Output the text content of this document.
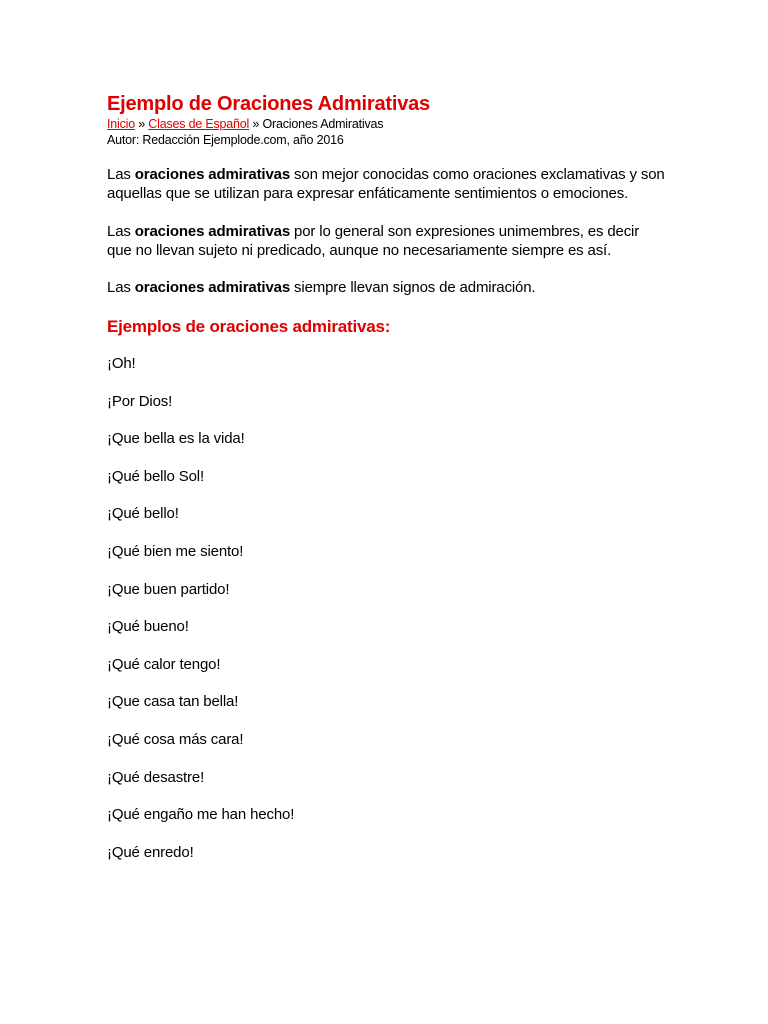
Ejemplo de Oraciones Admirativas
Inicio » Clases de Español » Oraciones Admirativas
Autor: Redacción Ejemplode.com, año 2016

Las oraciones admirativas son mejor conocidas como oraciones exclamativas y son aquellas que se utilizan para expresar enfáticamente sentimientos o emociones.

Las oraciones admirativas por lo general son expresiones unimembres, es decir que no llevan sujeto ni predicado, aunque no necesariamente siempre es así.

Las oraciones admirativas siempre llevan signos de admiración.

Ejemplos de oraciones admirativas:
¡Oh!
¡Por Dios!
¡Que bella es la vida!
¡Qué bello Sol!
¡Qué bello!
¡Qué bien me siento!
¡Que buen partido!
¡Qué bueno!
¡Qué calor tengo!
¡Que casa tan bella!
¡Qué cosa más cara!
¡Qué desastre!
¡Qué engaño me han hecho!
¡Qué enredo!
